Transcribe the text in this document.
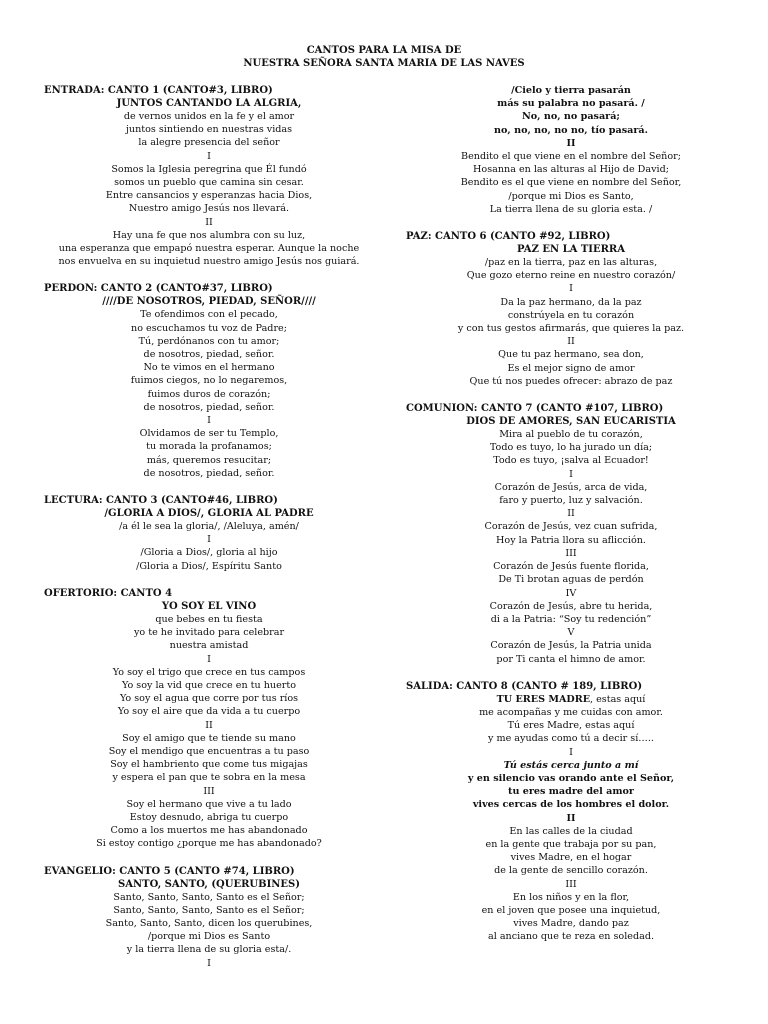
CANTOS PARA LA MISA DE
NUESTRA SEÑORA SANTA MARIA DE LAS NAVES
ENTRADA: CANTO 1 (CANTO#3, LIBRO)
JUNTOS CANTANDO LA ALGRIA,
de vernos unidos en la fe y el amor
juntos sintiendo en nuestras vidas
la alegre presencia del señor
I
Somos la Iglesia peregrina que Él fundó
somos un pueblo que camina sin cesar.
Entre cansancios y esperanzas hacia Dios,
Nuestro amigo Jesús nos llevará.
II
Hay una fe que nos alumbra con su luz,
una esperanza que empapó nuestra esperar. Aunque la noche
nos envuelva en su inquietud nuestro amigo Jesús nos guiará.
PERDON: CANTO 2 (CANTO#37, LIBRO)
////DE NOSOTROS, PIEDAD, SEÑOR////
Te ofendimos con el pecado,
no escuchamos tu voz de Padre;
Tú, perdónanos con tu amor;
de nosotros, piedad, señor.
No te vimos en el hermano
fuimos ciegos, no lo negaremos,
fuimos duros de corazón;
de nosotros, piedad, señor.
I
Olvidamos de ser tu Templo,
tu morada la profanamos;
más, queremos resucitar;
de nosotros, piedad, señor.
LECTURA: CANTO 3 (CANTO#46, LIBRO)
/GLORIA A DIOS/, GLORIA AL PADRE
/a él le sea la gloria/, /Aleluya, amén/
I
/Gloria a Dios/, gloria al hijo
/Gloria a Dios/, Espíritu Santo
OFERTORIO: CANTO 4
YO SOY EL VINO
que bebes en tu fiesta
yo te he invitado para celebrar
nuestra amistad
I
Yo soy el trigo que crece en tus campos
Yo soy la vid que crece en tu huerto
Yo soy el agua que corre por tus ríos
Yo soy el aire que da vida a tu cuerpo
II
Soy el amigo que te tiende su mano
Soy el mendigo que encuentras a tu paso
Soy el hambriento que come tus migajas
y espera el pan que te sobra en la mesa
III
Soy el hermano que vive a tu lado
Estoy desnudo, abriga tu cuerpo
Como a los muertos me has abandonado
Si estoy contigo ¿porque me has abandonado?
EVANGELIO: CANTO 5 (CANTO #74, LIBRO)
SANTO, SANTO, (QUERUBINES)
Santo, Santo, Santo, Santo es el Señor;
Santo, Santo, Santo, Santo es el Señor;
Santo, Santo, Santo, dicen los querubines,
/porque mi Dios es Santo
y la tierra llena de su gloria esta/.
I
/Cielo y tierra pasarán
más su palabra no pasará. /
No, no, no pasará;
no, no, no, no no, tío pasará.
II
Bendito el que viene en el nombre del Señor;
Hosanna en las alturas al Hijo de David;
Bendito es el que viene en nombre del Señor,
/porque mi Dios es Santo,
La tierra llena de su gloria esta. /
PAZ: CANTO 6 (CANTO #92, LIBRO)
PAZ EN LA TIERRA
/paz en la tierra, paz en las alturas,
Que gozo eterno reine en nuestro corazón/
I
Da la paz hermano, da la paz
constrúyela en tu corazón
y con tus gestos afirmarás, que quieres la paz.
II
Que tu paz hermano, sea don,
Es el mejor signo de amor
Que tú nos puedes ofrecer: abrazo de paz
COMUNION: CANTO 7 (CANTO #107, LIBRO)
DIOS DE AMORES, SAN EUCARISTIA
Mira al pueblo de tu corazón,
Todo es tuyo, lo ha jurado un día;
Todo es tuyo, ¡salva al Ecuador!
I
Corazón de Jesús, arca de vida,
faro y puerto, luz y salvación.
II
Corazón de Jesús, vez cuan sufrida,
Hoy la Patria llora su aflicción.
III
Corazón de Jesús fuente florida,
De Ti brotan aguas de perdón
IV
Corazón de Jesús, abre tu herida,
di a la Patria: “Soy tu redención”
V
Corazón de Jesús, la Patria unida
por Ti canta el himno de amor.
SALIDA: CANTO 8 (CANTO # 189, LIBRO)
TU ERES MADRE, estas aquí
me acompañas y me cuidas con amor.
Tú eres Madre, estas aquí
y me ayudas como tú a decir sí…..
I
Tú estás cerca junto a mí
y en silencio vas orando ante el Señor,
tu eres madre del amor
vives cercas de los hombres el dolor.
II
En las calles de la ciudad
en la gente que trabaja por su pan,
vives Madre, en el hogar
de la gente de sencillo corazón.
III
En los niños y en la flor,
en el joven que posee una inquietud,
vives Madre, dando paz
al anciano que te reza en soledad.
